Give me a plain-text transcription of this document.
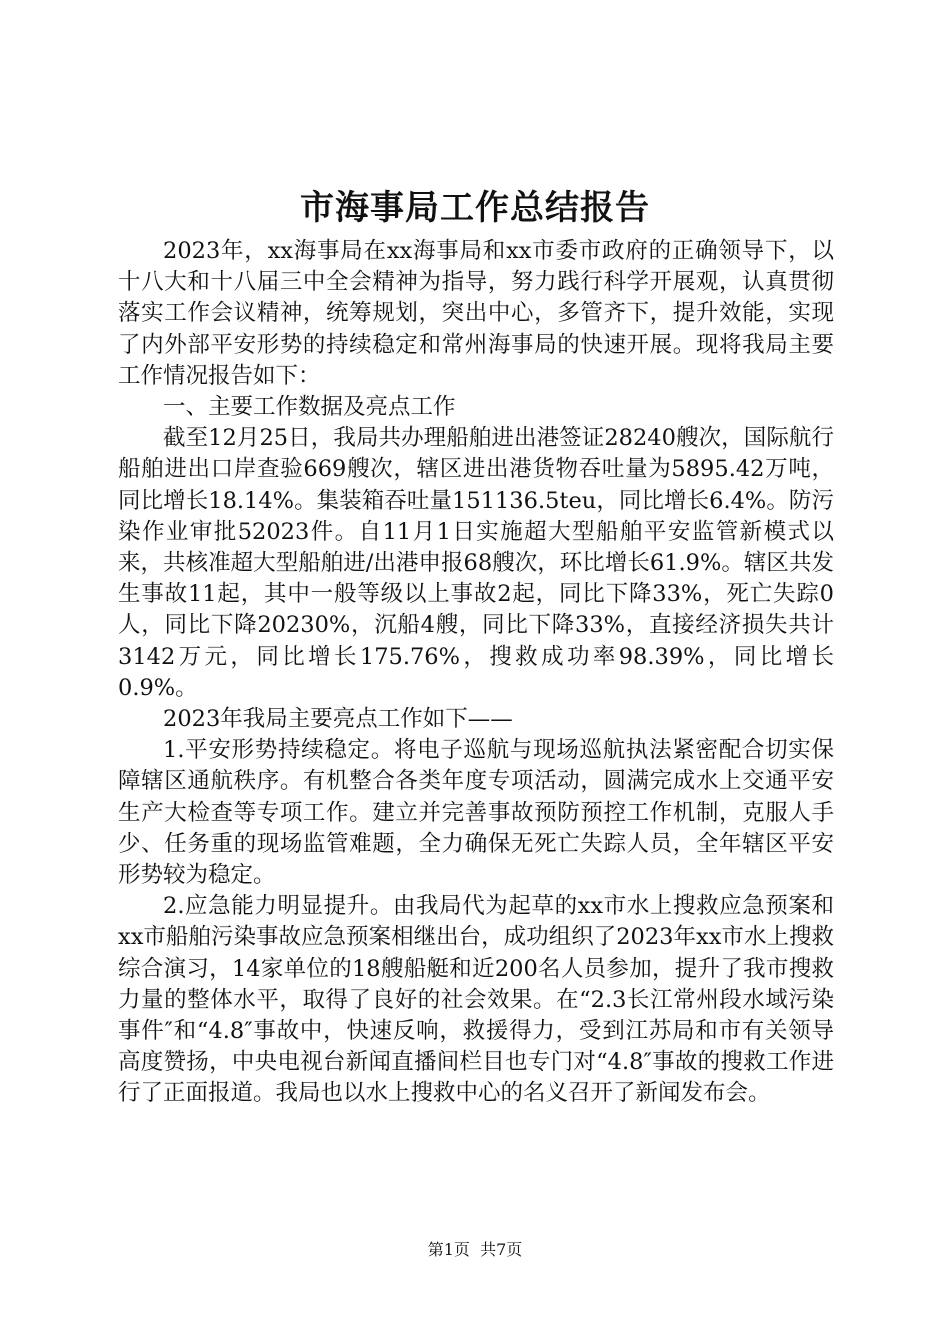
市海事局工作总结报告

2023年，xx海事局在xx海事局和xx市委市政府的正确领导下，以十八大和十八届三中全会精神为指导，努力践行科学开展观，认真贯彻落实工作会议精神，统筹规划，突出中心，多管齐下，提升效能，实现了内外部平安形势的持续稳定和常州海事局的快速开展。现将我局主要工作情况报告如下：

一、主要工作数据及亮点工作

截至12月25日，我局共办理船舶进出港签证28240艘次，国际航行船舶进出口岸查验669艘次，辖区进出港货物吞吐量为5895.42万吨，同比增长18.14%。集装箱吞吐量151136.5teu，同比增长6.4%。防污染作业审批52023件。自11月1日实施超大型船舶平安监管新模式以来，共核准超大型船舶进/出港申报68艘次，环比增长61.9%。辖区共发生事故11起，其中一般等级以上事故2起，同比下降33%，死亡失踪0人，同比下降20230%，沉船4艘，同比下降33%，直接经济损失共计3142万元，同比增长175.76%，搜救成功率98.39%，同比增长0.9%。

2023年我局主要亮点工作如下——

1.平安形势持续稳定。将电子巡航与现场巡航执法紧密配合切实保障辖区通航秩序。有机整合各类年度专项活动，圆满完成水上交通平安生产大检查等专项工作。建立并完善事故预防预控工作机制，克服人手少、任务重的现场监管难题，全力确保无死亡失踪人员，全年辖区平安形势较为稳定。

2.应急能力明显提升。由我局代为起草的xx市水上搜救应急预案和xx市船舶污染事故应急预案相继出台，成功组织了2023年xx市水上搜救综合演习，14家单位的18艘船艇和近200名人员参加，提升了我市搜救力量的整体水平，取得了良好的社会效果。在“2.3长江常州段水域污染事件″和“4.8″事故中，快速反响，救援得力，受到江苏局和市有关领导高度赞扬，中央电视台新闻直播间栏目也专门对“4.8″事故的搜救工作进行了正面报道。我局也以水上搜救中心的名义召开了新闻发布会。

第1页 共7页
